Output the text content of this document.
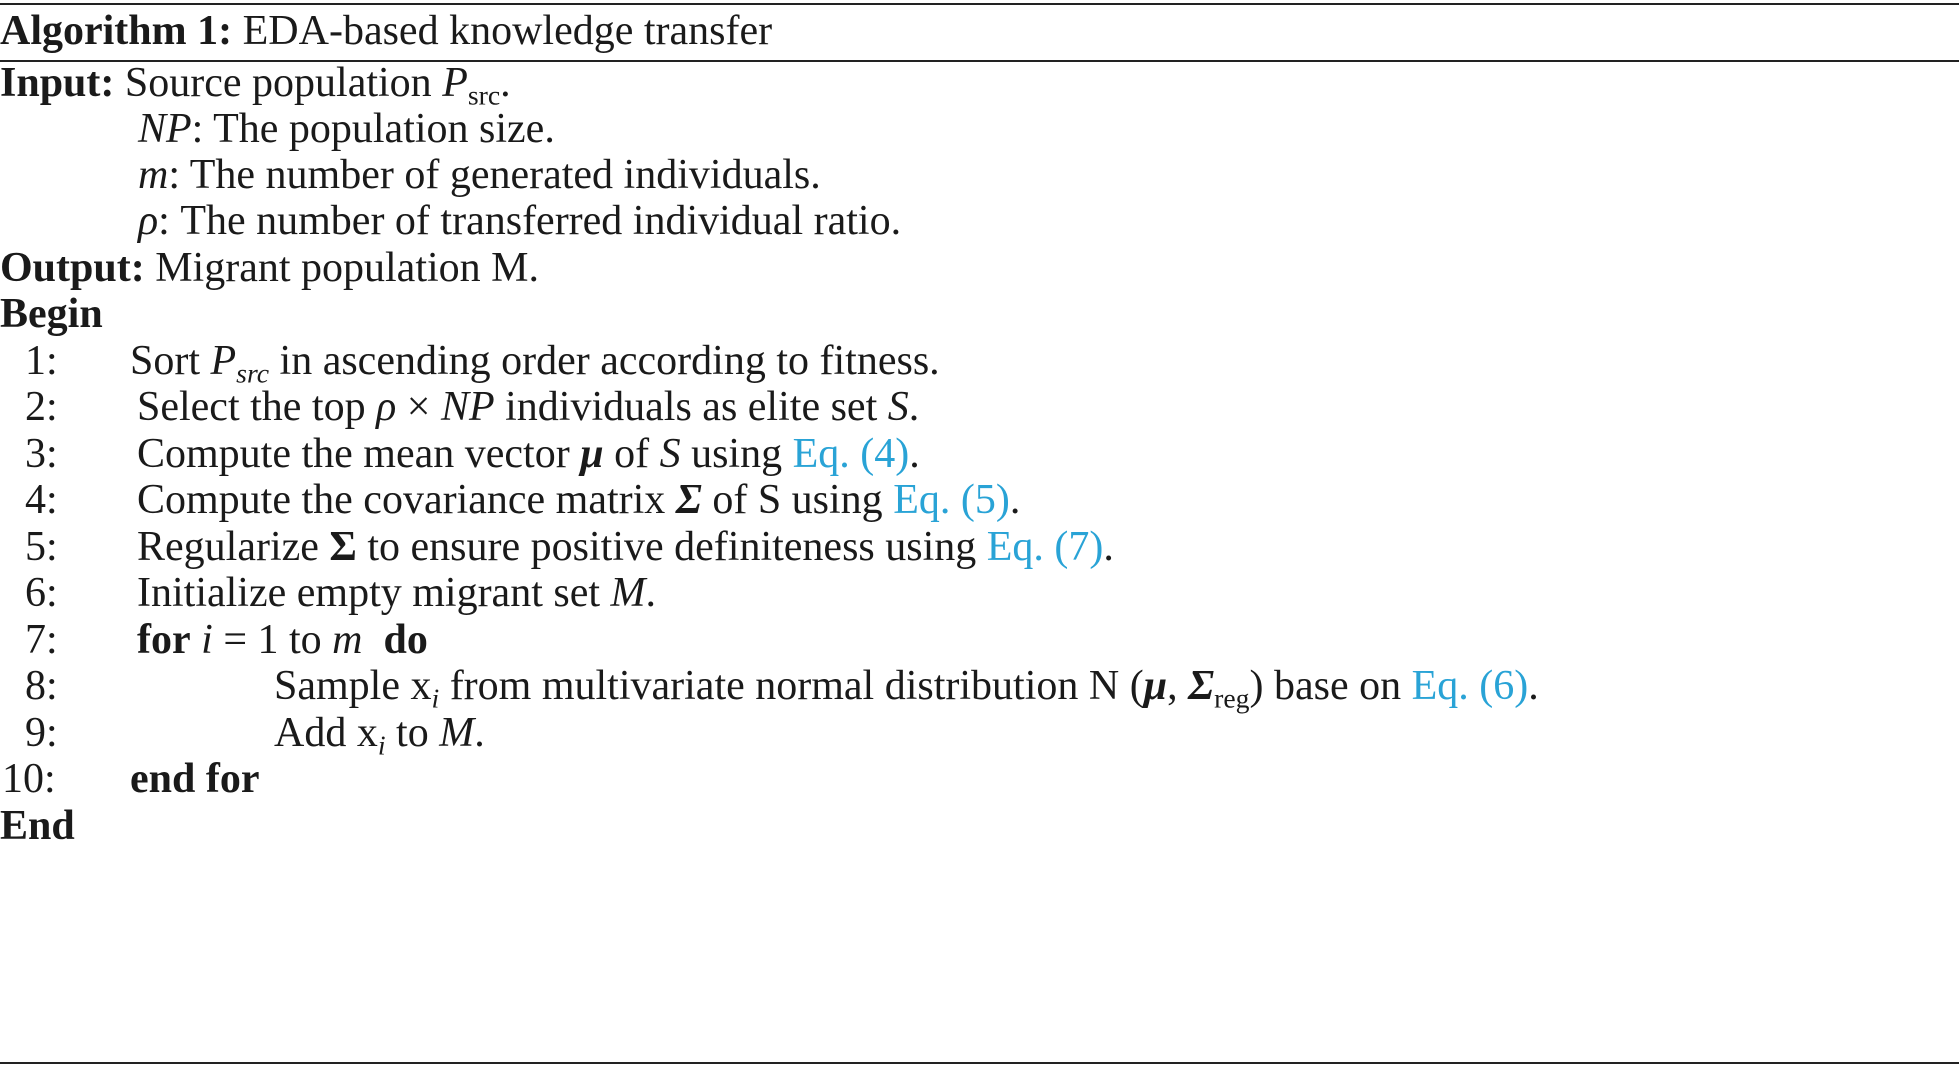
Algorithm 1: EDA-based knowledge transfer
Input: Source population $P_{src}$.
NP: The population size.
m: The number of generated individuals.
ρ: The number of transferred individual ratio.
Output: Migrant population M.
Begin
1: Sort $P_{src}$ in ascending order according to fitness.
2: Select the top ρ × NP individuals as elite set S.
3: Compute the mean vector μ of S using Eq. (4).
4: Compute the covariance matrix Σ of S using Eq. (5).
5: Regularize Σ to ensure positive definiteness using Eq. (7).
6: Initialize empty migrant set M.
7: for i = 1 to m do
8:	Sample $x_i$ from multivariate normal distribution N (μ, $\Sigma_{reg}$) base on Eq. (6).
9:	Add $x_i$ to M.
10: end for
End
